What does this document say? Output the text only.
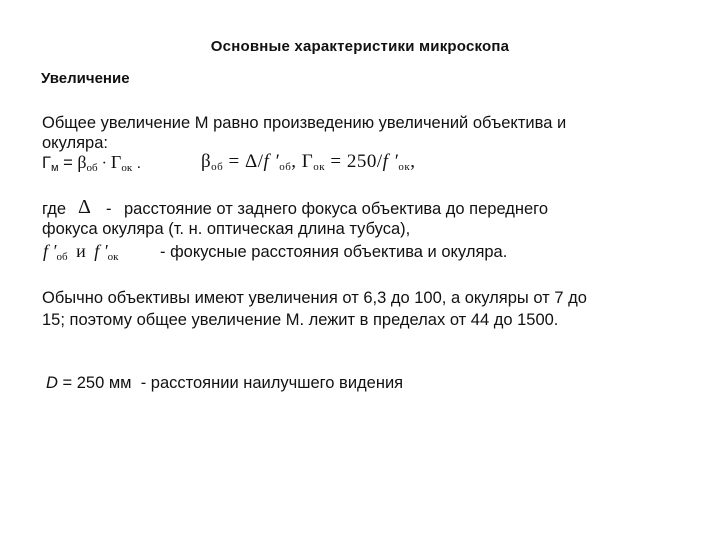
Основные характеристики микроскопа
Увеличение
Общее увеличение М равно произведению увеличений объектива и
окуляра:
Гм = $\beta_{об} \cdot Г_{ок}$ .	$\beta_{об} = \Delta/f$ $'_{об}$, $Г_{ок} = 250/f$ $'_{ок}$,
где Δ - расстояние от заднего фокуса объектива до переднего
фокуса окуляра (т. н. оптическая длина тубуса),
f $'_{об}$ и f $'_{ок}$	- фокусные расстояния объектива и окуляра.
Обычно объективы имеют увеличения от 6,3 до 100, а окуляры от 7 до
15; поэтому общее увеличение М. лежит в пределах от 44 до 1500.
D = 250 мм - расстоянии наилучшего видения
